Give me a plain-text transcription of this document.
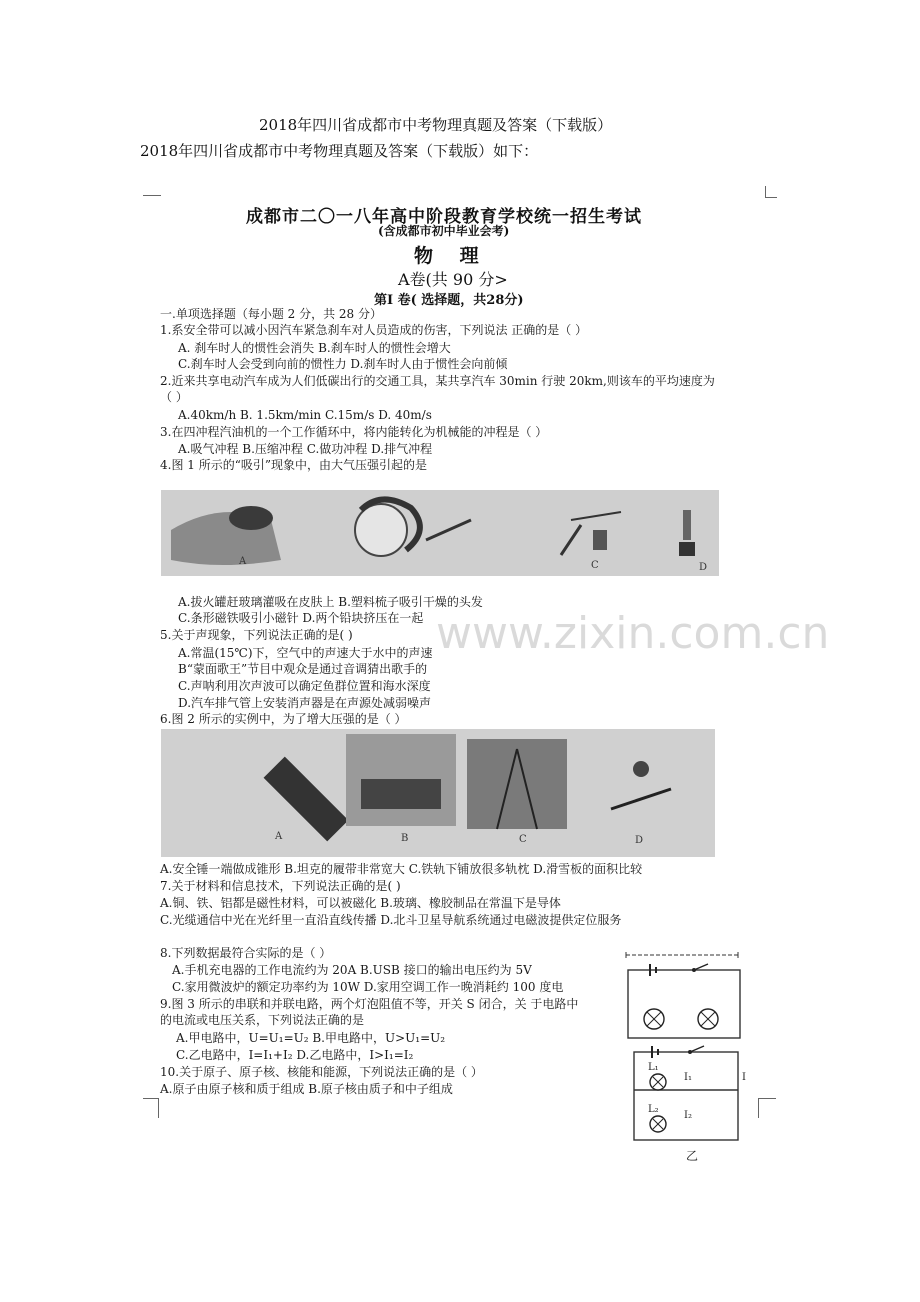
2018年四川省成都市中考物理真题及答案（下载版）
2018年四川省成都市中考物理真题及答案（下载版）如下：
成都市二〇一八年高中阶段教育学校统一招生考试
(含成都市初中毕业会考)
物 理
A卷(共 90 分>
第Ⅰ 卷( 选择题，共28分)
一.单项选择题（每小题 2 分，共 28 分）
1.系安全带可以减小因汽车紧急刹车对人员造成的伤害，下列说法 正确的是（ ）
A. 刹车时人的惯性会消失 B.刹车时人的惯性会增大
C.刹车时人会受到向前的惯性力 D.刹车时人由于惯性会向前倾
2.近来共享电动汽车成为人们低碳出行的交通工具，某共享汽车 30min 行驶 20km,则该车的平均速度为
（ ）
A.40km/h B. 1.5km/min C.15m/s D. 40m/s
3.在四冲程汽油机的一个工作循环中，将内能转化为机械能的冲程是（ ）
A.吸气冲程 B.压缩冲程 C.做功冲程 D.排气冲程
4.图 1 所示的“吸引”现象中，由大气压强引起的是
A	C	D
A.拔火罐赶玻璃灌吸在皮肤上 B.塑料梳子吸引干燥的头发
C.条形磁铁吸引小磁针 D.两个铅块挤压在一起
5.关于声现象，下列说法正确的是( )
A.常温(15℃)下，空气中的声速大于水中的声速
B“蒙面歌王”节目中观众是通过音调猜出歌手的
C.声呐利用次声波可以确定鱼群位置和海水深度
D.汽车排气管上安装消声器是在声源处减弱噪声
6.图 2 所示的实例中，为了增大压强的是（ ）
A	B	C	D
A.安全锤一端做成锥形 B.坦克的履带非常宽大 C.铁轨下铺放很多轨枕 D.滑雪板的面积比较
7.关于材料和信息技术，下列说法正确的是( )
A.铜、铁、铝都是磁性材料，可以被磁化 B.玻璃、橡胶制品在常温下是导体
C.光缆通信中光在光纤里一直沿直线传播 D.北斗卫星导航系统通过电磁波提供定位服务
8.下列数据最符合实际的是（ ）
A.手机充电器的工作电流约为 20A B.USB 接口的输出电压约为 5V
C.家用微波炉的额定功率约为 10W D.家用空调工作一晚消耗约 100 度电
9.图 3 所示的串联和并联电路，两个灯泡阻值不等，开关 S 闭合，关 于电路中
的电流或电压关系，下列说法正确的是
A.甲电路中，U=U₁=U₂ B.甲电路中，U>U₁=U₂
C.乙电路中，I=I₁+I₂ D.乙电路中，I>I₁=I₂
10.关于原子、原子核、核能和能源，下列说法正确的是（ ）
A.原子由原子核和质于组成 B.原子核由质子和中子组成
L₁
I₁
L₂
I₂
I
乙
www.zixin.com.cn
